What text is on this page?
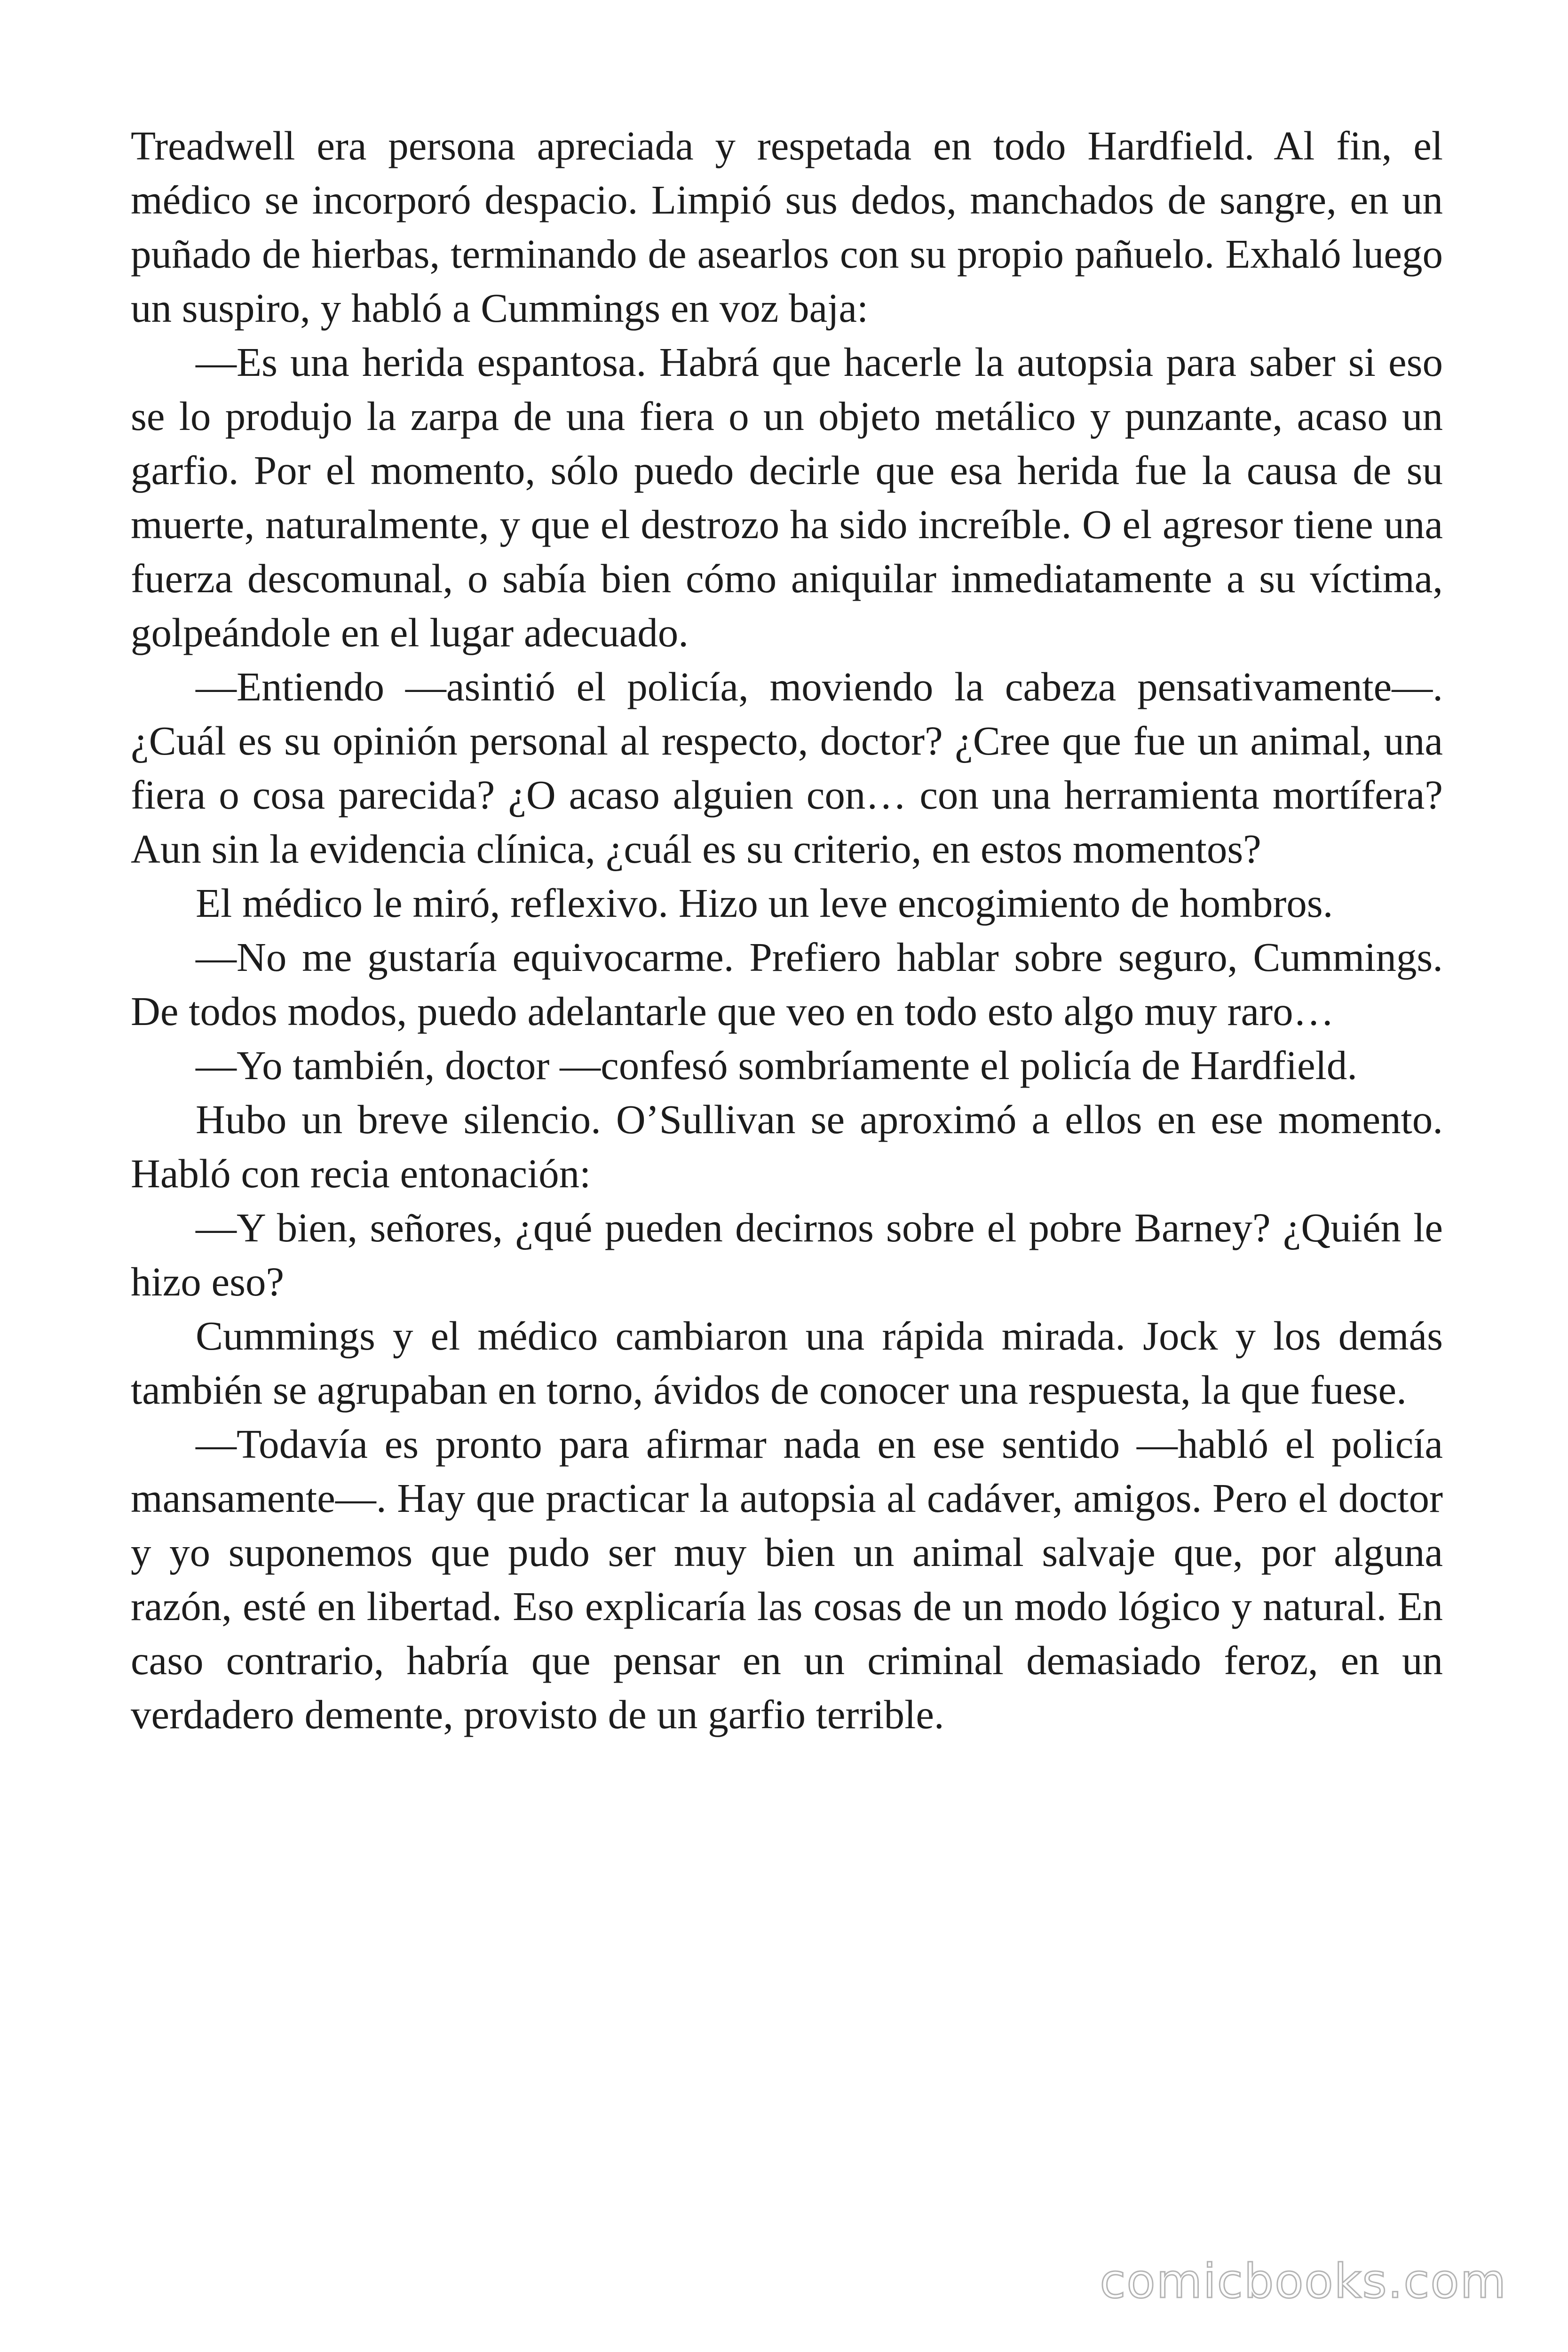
Treadwell era persona apreciada y respetada en todo Hardfield. Al fin, el médico se incorporó despacio. Limpió sus dedos, manchados de sangre, en un puñado de hierbas, terminando de asearlos con su propio pañuelo. Exhaló luego un suspiro, y habló a Cummings en voz baja:

—Es una herida espantosa. Habrá que hacerle la autopsia para saber si eso se lo produjo la zarpa de una fiera o un objeto metálico y punzante, acaso un garfio. Por el momento, sólo puedo decirle que esa herida fue la causa de su muerte, naturalmente, y que el destrozo ha sido increíble. O el agresor tiene una fuerza descomunal, o sabía bien cómo aniquilar inmediatamente a su víctima, golpeándole en el lugar adecuado.

—Entiendo —asintió el policía, moviendo la cabeza pensativamente—. ¿Cuál es su opinión personal al respecto, doctor? ¿Cree que fue un animal, una fiera o cosa parecida? ¿O acaso alguien con… con una herramienta mortífera? Aun sin la evidencia clínica, ¿cuál es su criterio, en estos momentos?

El médico le miró, reflexivo. Hizo un leve encogimiento de hombros.

—No me gustaría equivocarme. Prefiero hablar sobre seguro, Cummings. De todos modos, puedo adelantarle que veo en todo esto algo muy raro…

—Yo también, doctor —confesó sombríamente el policía de Hardfield.

Hubo un breve silencio. O’Sullivan se aproximó a ellos en ese momento. Habló con recia entonación:

—Y bien, señores, ¿qué pueden decirnos sobre el pobre Barney? ¿Quién le hizo eso?

Cummings y el médico cambiaron una rápida mirada. Jock y los demás también se agrupaban en torno, ávidos de conocer una respuesta, la que fuese.

—Todavía es pronto para afirmar nada en ese sentido —habló el policía mansamente—. Hay que practicar la autopsia al cadáver, amigos. Pero el doctor y yo suponemos que pudo ser muy bien un animal salvaje que, por alguna razón, esté en libertad. Eso explicaría las cosas de un modo lógico y natural. En caso contrario, habría que pensar en un criminal demasiado feroz, en un verdadero demente, provisto de un garfio terrible.

comicbooks.com
